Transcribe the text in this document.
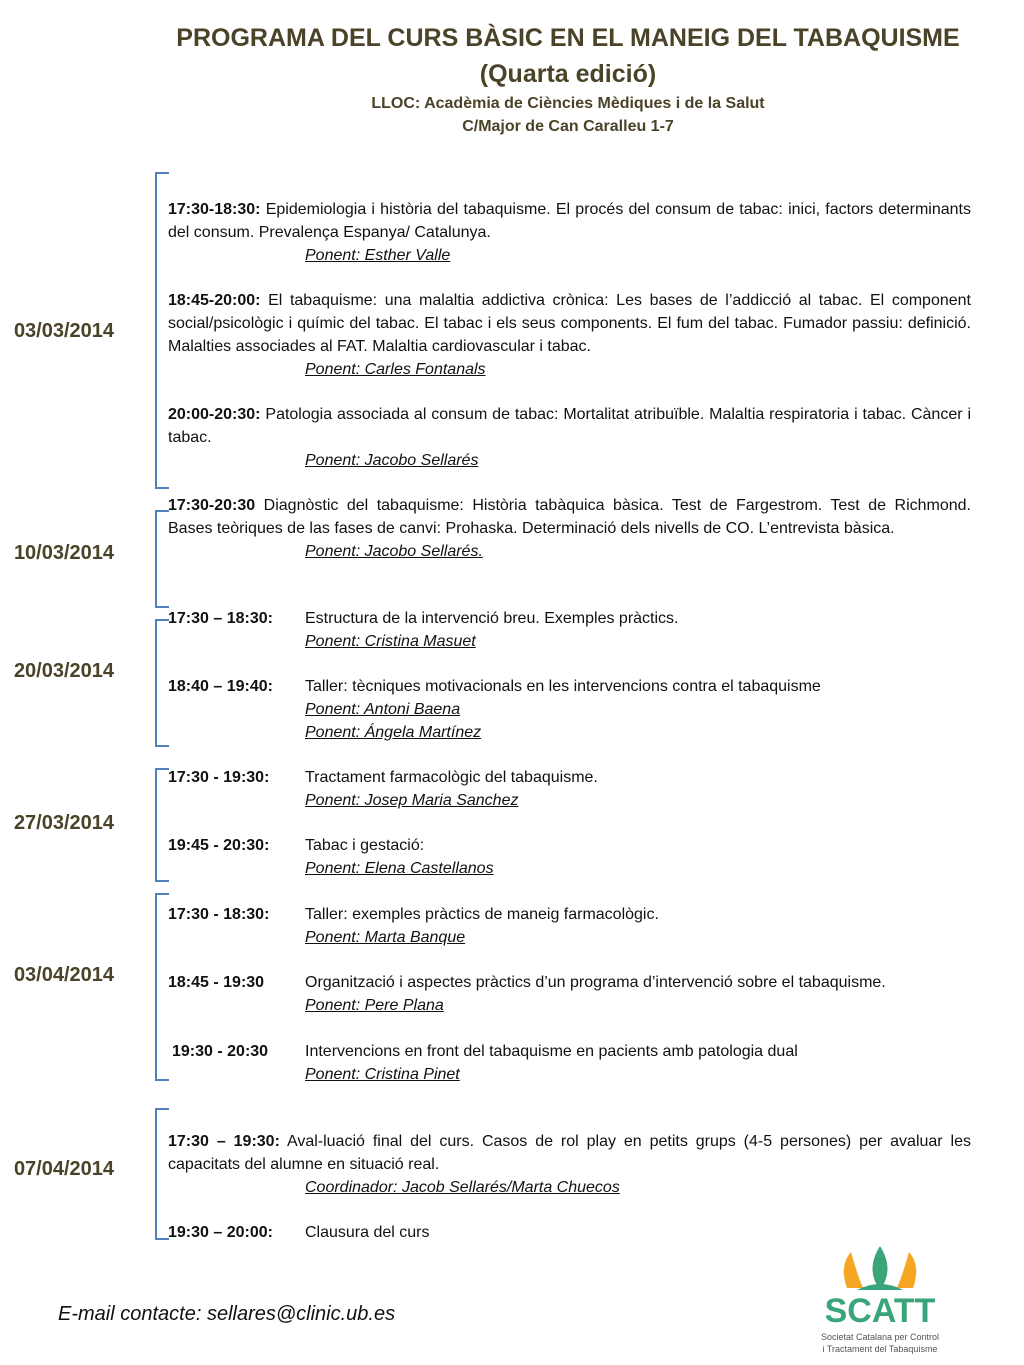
PROGRAMA DEL CURS BÀSIC EN EL MANEIG DEL TABAQUISME
(Quarta edició)
LLOC: Acadèmia de Ciències Mèdiques i de la Salut
C/Major de Can Caralleu 1-7
03/03/2014
17:30-18:30: Epidemiologia i història del tabaquisme. El procés del consum de tabac: inici, factors determinants del consum. Prevalença Espanya/ Catalunya.
Ponent: Esther Valle
18:45-20:00: El tabaquisme: una malaltia addictiva crònica: Les bases de l’addicció al tabac. El component social/psicològic i químic del tabac. El tabac i els seus components. El fum del tabac. Fumador passiu: definició. Malalties associades al FAT. Malaltia cardiovascular i tabac.
Ponent: Carles Fontanals
20:00-20:30: Patologia associada al consum de tabac: Mortalitat atribuïble. Malaltia respiratoria i tabac. Càncer i tabac.
Ponent: Jacobo Sellarés
10/03/2014
17:30-20:30 Diagnòstic del tabaquisme: Història tabàquica bàsica. Test de Fargestrom. Test de Richmond. Bases teòriques de las fases de canvi: Prohaska. Determinació dels nivells de CO. L’entrevista bàsica.
Ponent: Jacobo Sellarés.
20/03/2014
17:30 – 18:30: Estructura de la intervenció breu. Exemples pràctics.
Ponent: Cristina Masuet
18:40 – 19:40: Taller: tècniques motivacionals en les intervencions contra el tabaquisme
Ponent: Antoni Baena
Ponent: Ángela Martínez
27/03/2014
17:30 - 19:30: Tractament farmacològic del tabaquisme.
Ponent: Josep Maria Sanchez
19:45 - 20:30: Tabac i gestació:
Ponent: Elena Castellanos
03/04/2014
17:30 - 18:30: Taller: exemples pràctics de maneig farmacològic.
Ponent: Marta Banque
18:45 - 19:30	Organització i aspectes pràctics d’un programa d’intervenció sobre el tabaquisme.
Ponent: Pere Plana
19:30 - 20:30 Intervencions en front del tabaquisme en pacients amb patologia dual
Ponent: Cristina Pinet
07/04/2014
17:30 – 19:30: Aval-luació final del curs. Casos de rol play en petits grups (4-5 persones) per avaluar les capacitats del alumne en situació real.
Coordinador: Jacob Sellarés/Marta Chuecos
19:30 – 20:00: Clausura del curs
E-mail contacte: sellares@clinic.ub.es	SCATT
Societat Catalana per Control
i Tractament del Tabaquisme
